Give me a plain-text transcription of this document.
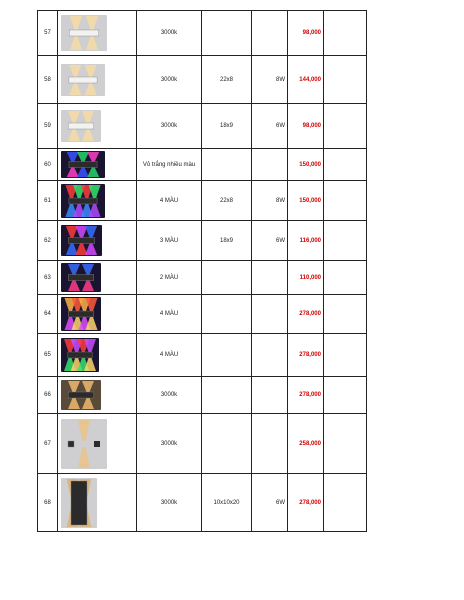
57		3000k			98,000	
58		3000k	22x8	8W	144,000	
59		3000k	18x9	6W	98,000	
60		Vỏ trắng nhiều màu			150,000	
61		4 MÀU	22x8	8W	150,000	
62		3 MÀU	18x9	6W	116,000	
63		2 MÀU			110,000	
64		4 MÀU			278,000	
65		4 MÀU			278,000	
66		3000k			278,000	
67		3000k			258,000	
68		3000k	10x10x20	6W	278,000	
